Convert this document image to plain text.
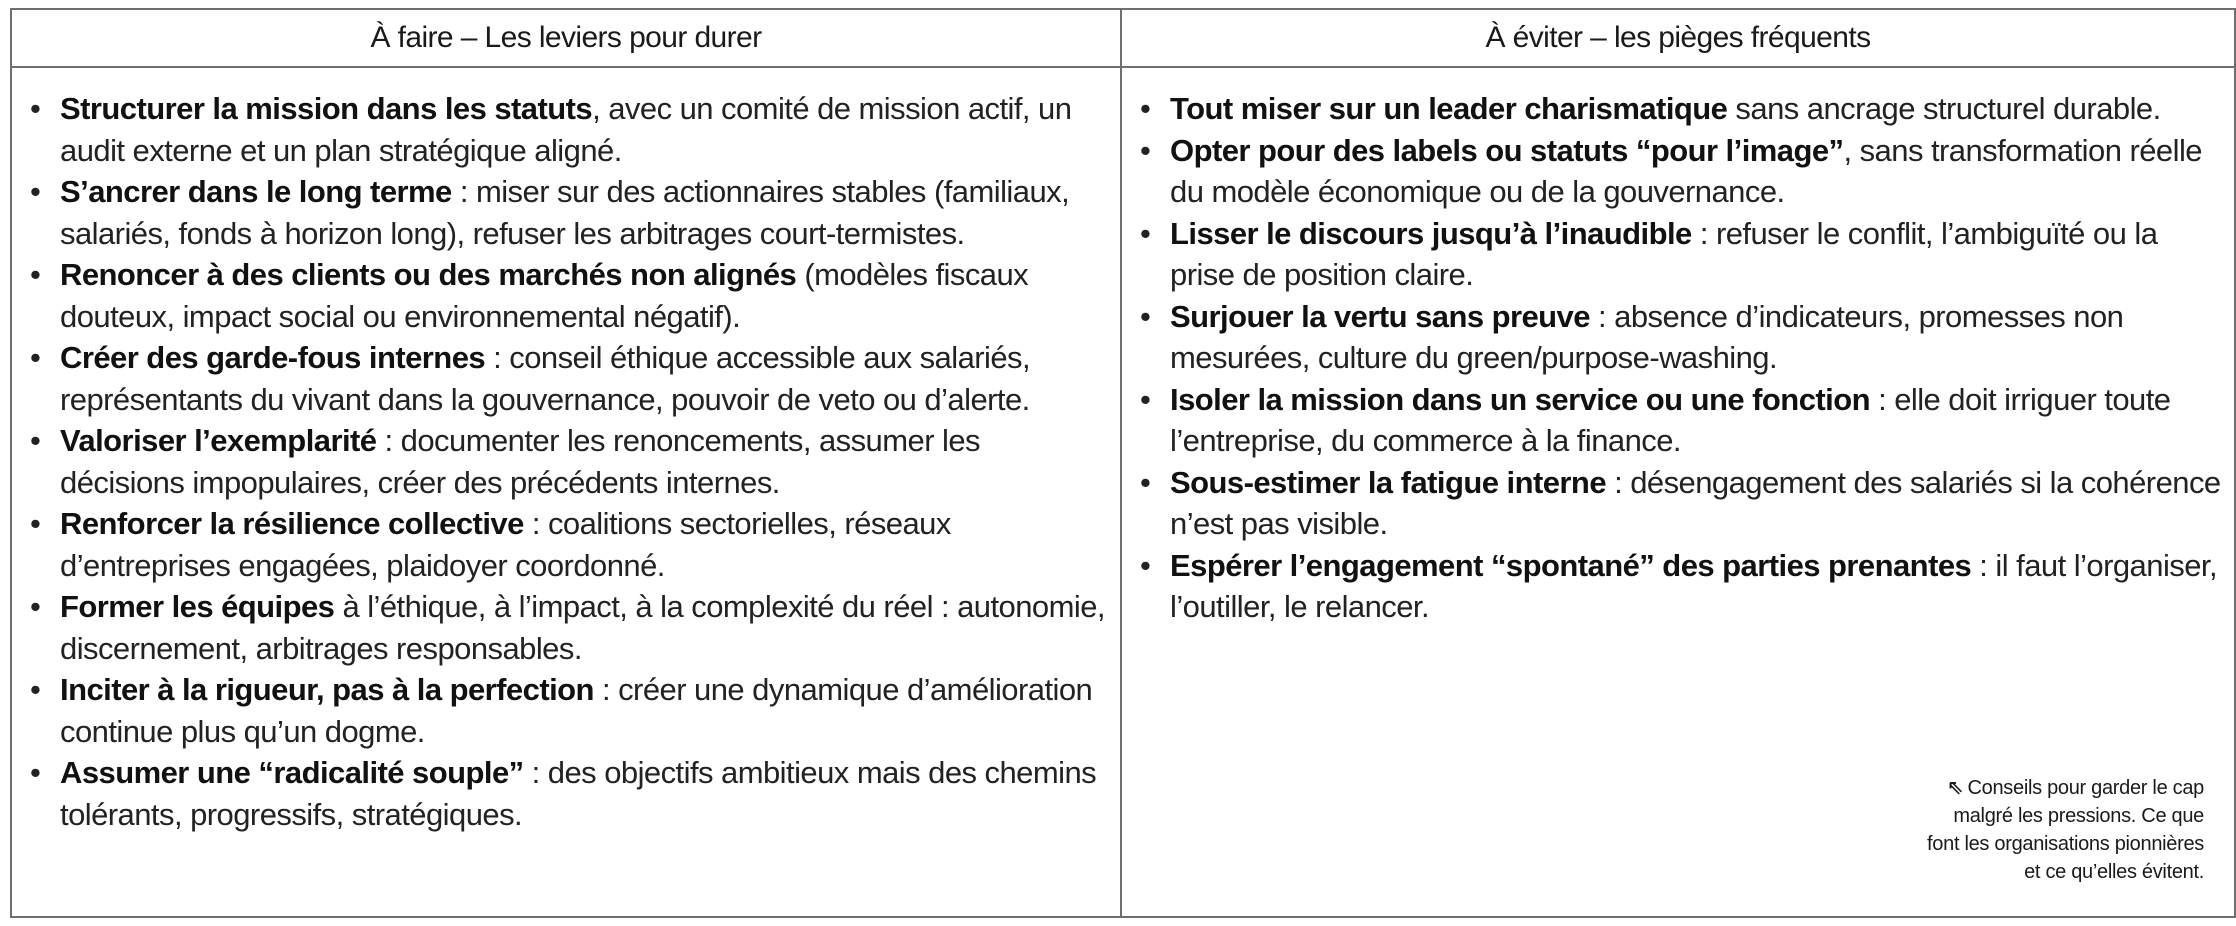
À faire – Les leviers pour durer	À éviter – les pièges fréquents
• Structurer la mission dans les statuts, avec un comité de mission actif, un audit externe et un plan stratégique aligné.
• S’ancrer dans le long terme : miser sur des actionnaires stables (familiaux, salariés, fonds à horizon long), refuser les arbitrages court-termistes.
• Renoncer à des clients ou des marchés non alignés (modèles fiscaux douteux, impact social ou environnemental négatif).
• Créer des garde-fous internes : conseil éthique accessible aux salariés, représentants du vivant dans la gouvernance, pouvoir de veto ou d’alerte.
• Valoriser l’exemplarité : documenter les renoncements, assumer les décisions impopulaires, créer des précédents internes.
• Renforcer la résilience collective : coalitions sectorielles, réseaux d’entreprises engagées, plaidoyer coordonné.
• Former les équipes à l’éthique, à l’impact, à la complexité du réel : autonomie, discernement, arbitrages responsables.
• Inciter à la rigueur, pas à la perfection : créer une dynamique d’amélioration continue plus qu’un dogme.
• Assumer une “radicalité souple” : des objectifs ambitieux mais des chemins tolérants, progressifs, stratégiques.
• Tout miser sur un leader charismatique sans ancrage structurel durable.
• Opter pour des labels ou statuts “pour l’image”, sans transformation réelle du modèle économique ou de la gouvernance.
• Lisser le discours jusqu’à l’inaudible : refuser le conflit, l’ambiguïté ou la prise de position claire.
• Surjouer la vertu sans preuve : absence d’indicateurs, promesses non mesurées, culture du green/purpose-washing.
• Isoler la mission dans un service ou une fonction : elle doit irriguer toute l’entreprise, du commerce à la finance.
• Sous-estimer la fatigue interne : désengagement des salariés si la cohérence n’est pas visible.
• Espérer l’engagement “spontané” des parties prenantes : il faut l’organiser, l’outiller, le relancer.
⇖ Conseils pour garder le cap
malgré les pressions. Ce que
font les organisations pionnières
et ce qu’elles évitent.
